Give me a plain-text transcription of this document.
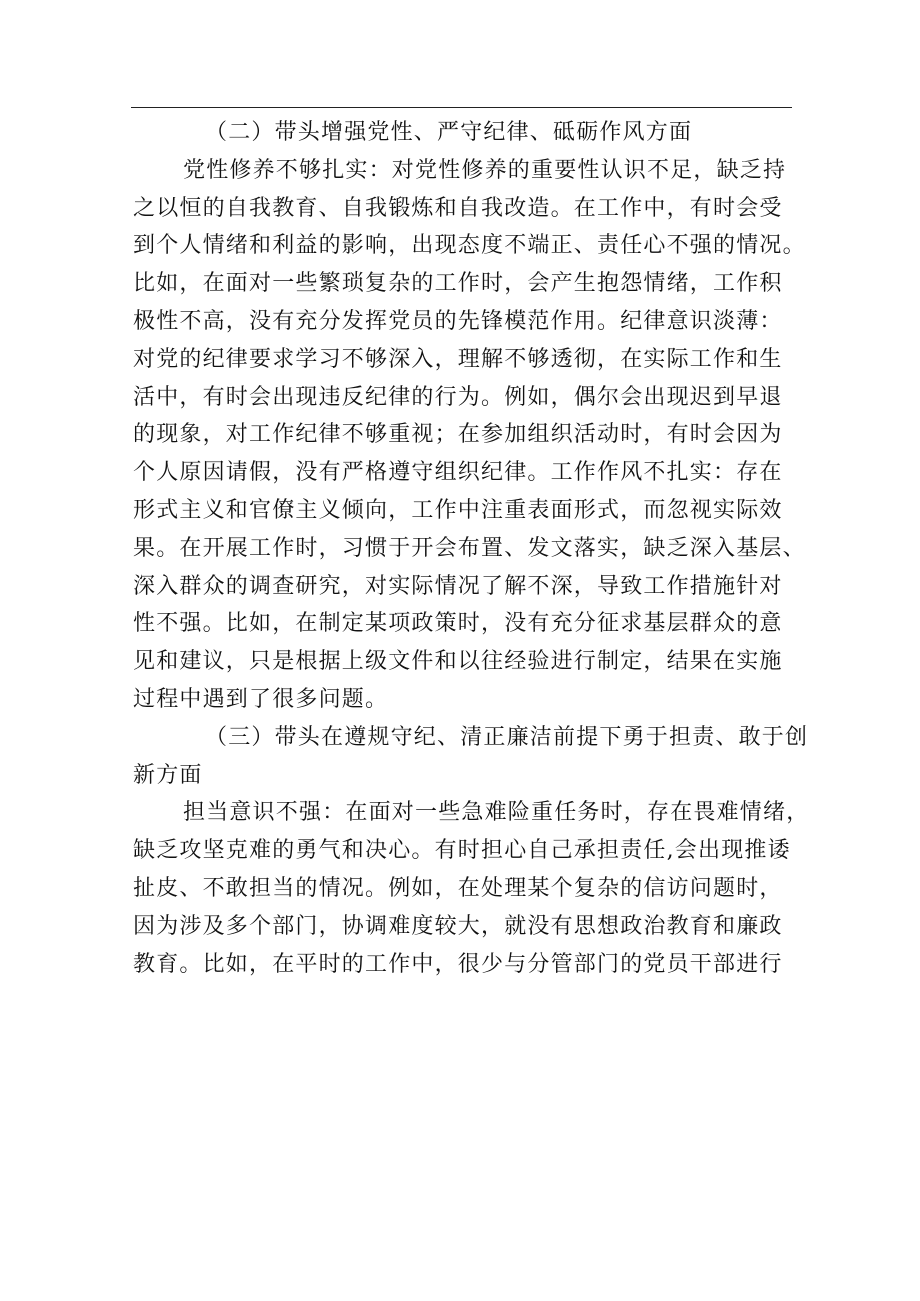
（二）带头增强党性、严守纪律、砥砺作风方面
党性修养不够扎实：对党性修养的重要性认识不足，缺乏持
之以恒的自我教育、自我锻炼和自我改造。在工作中，有时会受
到个人情绪和利益的影响，出现态度不端正、责任心不强的情况。
比如，在面对一些繁琐复杂的工作时，会产生抱怨情绪，工作积
极性不高，没有充分发挥党员的先锋模范作用。纪律意识淡薄：
对党的纪律要求学习不够深入，理解不够透彻，在实际工作和生
活中，有时会出现违反纪律的行为。例如，偶尔会出现迟到早退
的现象，对工作纪律不够重视；在参加组织活动时，有时会因为
个人原因请假，没有严格遵守组织纪律。工作作风不扎实：存在
形式主义和官僚主义倾向，工作中注重表面形式，而忽视实际效
果。在开展工作时，习惯于开会布置、发文落实，缺乏深入基层、
深入群众的调查研究，对实际情况了解不深，导致工作措施针对
性不强。比如，在制定某项政策时，没有充分征求基层群众的意
见和建议，只是根据上级文件和以往经验进行制定，结果在实施
过程中遇到了很多问题。
（三）带头在遵规守纪、清正廉洁前提下勇于担责、敢于创
新方面
担当意识不强：在面对一些急难险重任务时，存在畏难情绪，
缺乏攻坚克难的勇气和决心。有时担心自己承担责任,会出现推诿
扯皮、不敢担当的情况。例如，在处理某个复杂的信访问题时，
因为涉及多个部门，协调难度较大，就没有思想政治教育和廉政
教育。比如，在平时的工作中，很少与分管部门的党员干部进行
